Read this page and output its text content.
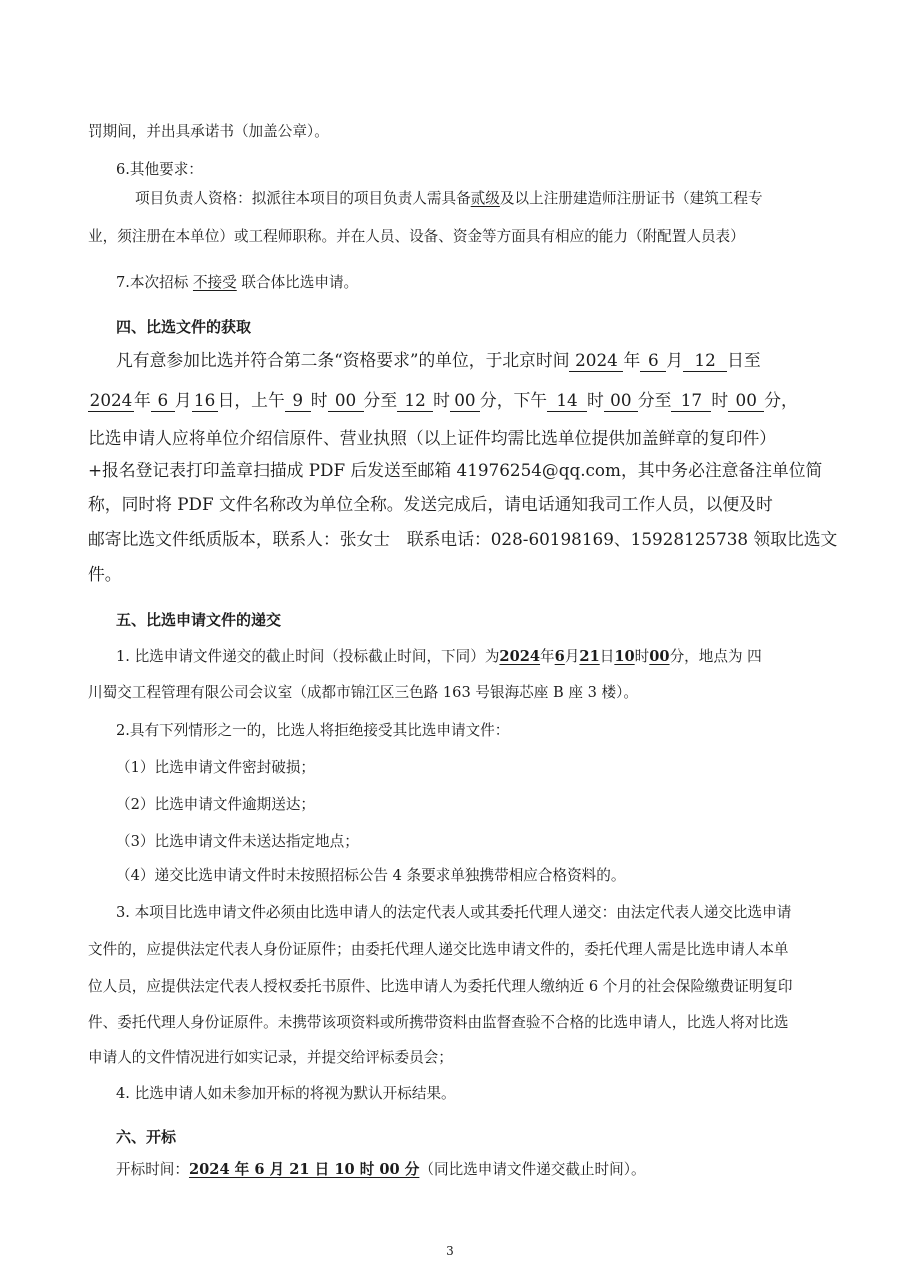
罚期间，并出具承诺书（加盖公章）。
6.其他要求：
项目负责人资格：拟派往本项目的项目负责人需具备贰级及以上注册建造师注册证书（建筑工程专
业，须注册在本单位）或工程师职称。并在人员、设备、资金等方面具有相应的能力（附配置人员表）
7.本次招标 不接受 联合体比选申请。
四、比选文件的获取
凡有意参加比选并符合第二条“资格要求”的单位，于北京时间 2024 年 6 月 12 日至
2024年 6 月 16 日，上午 9 时 00 分至 12 时 00 分，下午 14 时 00 分至 17 时 00 分，
比选申请人应将单位介绍信原件、营业执照（以上证件均需比选单位提供加盖鲜章的复印件）
+报名登记表打印盖章扫描成 PDF 后发送至邮箱 41976254@qq.com，其中务必注意备注单位简
称，同时将 PDF 文件名称改为单位全称。发送完成后，请电话通知我司工作人员，以便及时
邮寄比选文件纸质版本，联系人：张女士　联系电话：028-60198169、15928125738 领取比选文
件。
五、比选申请文件的递交
1. 比选申请文件递交的截止时间（投标截止时间，下同）为2024年6月21日10时00分，地点为 四
川蜀交工程管理有限公司会议室（成都市锦江区三色路 163 号银海芯座 B 座 3 楼）。
2.具有下列情形之一的，比选人将拒绝接受其比选申请文件：
（1）比选申请文件密封破损；
（2）比选申请文件逾期送达；
（3）比选申请文件未送达指定地点；
（4）递交比选申请文件时未按照招标公告 4 条要求单独携带相应合格资料的。
3. 本项目比选申请文件必须由比选申请人的法定代表人或其委托代理人递交：由法定代表人递交比选申请
文件的，应提供法定代表人身份证原件；由委托代理人递交比选申请文件的，委托代理人需是比选申请人本单
位人员，应提供法定代表人授权委托书原件、比选申请人为委托代理人缴纳近 6 个月的社会保险缴费证明复印
件、委托代理人身份证原件。未携带该项资料或所携带资料由监督查验不合格的比选申请人，比选人将对比选
申请人的文件情况进行如实记录，并提交给评标委员会；
4. 比选申请人如未参加开标的将视为默认开标结果。
六、开标
开标时间：2024 年 6 月 21 日 10 时 00 分（同比选申请文件递交截止时间）。
3
